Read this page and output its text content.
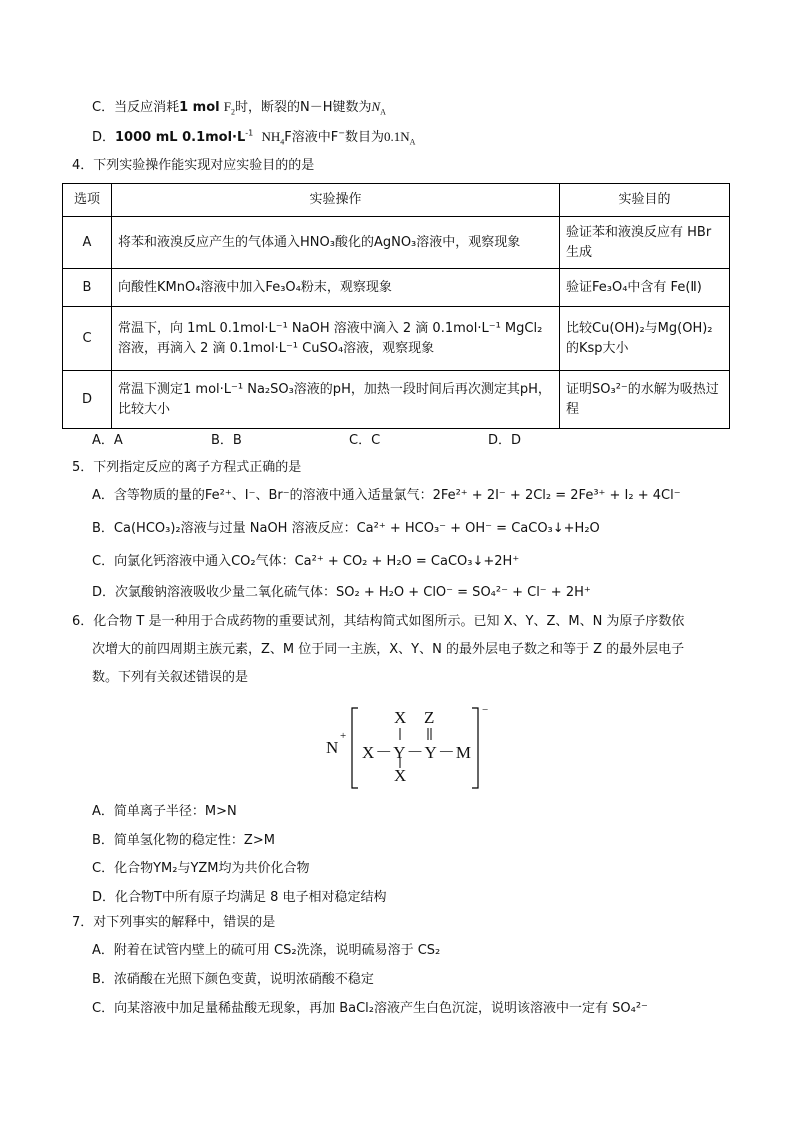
C．当反应消耗1 mol $F_2$时，断裂的N－H键数为$N_A$
D．1000 mL $0.1mol\cdot L^{-1}$ $NH_4F$溶液中F−数目为$0.1N_A$
4．下列实验操作能实现对应实验目的的是
选项	实验操作	实验目的
A	将苯和液溴反应产生的气体通入HNO₃酸化的AgNO₃溶液中，观察现象	验证苯和液溴反应有 HBr 生成
B	向酸性KMnO₄溶液中加入Fe₃O₄粉末，观察现象	验证Fe₃O₄中含有 Fe(Ⅱ)
C	常温下，向 1mL 0.1mol·L⁻¹ NaOH 溶液中滴入 2 滴 0.1mol·L⁻¹ MgCl₂溶液，再滴入 2 滴 0.1mol·L⁻¹ CuSO₄溶液，观察现象	比较Cu(OH)₂与Mg(OH)₂的Ksp大小
D	常温下测定1 mol·L⁻¹ Na₂SO₃溶液的pH，加热一段时间后再次测定其pH，比较大小	证明SO₃²⁻的水解为吸热过程
A．A	B．B	C．C	D．D
5．下列指定反应的离子方程式正确的是
A．含等物质的量的Fe²⁺、I⁻、Br⁻的溶液中通入适量氯气：2Fe²⁺ + 2I⁻ + 2Cl₂ = 2Fe³⁺ + I₂ + 4Cl⁻
B．Ca(HCO₃)₂溶液与过量 NaOH 溶液反应：Ca²⁺ + HCO₃⁻ + OH⁻ = CaCO₃↓+H₂O
C．向氯化钙溶液中通入CO₂气体：Ca²⁺ + CO₂ + H₂O = CaCO₃↓+2H⁺
D．次氯酸钠溶液吸收少量二氧化硫气体：SO₂ + H₂O + ClO⁻ = SO₄²⁻ + Cl⁻ + 2H⁺
6．化合物 T 是一种用于合成药物的重要试剂，其结构简式如图所示。已知 X、Y、Z、M、N 为原子序数依
次增大的前四周期主族元素，Z、M 位于同一主族，X、Y、N 的最外层电子数之和等于 Z 的最外层电子
数。下列有关叙述错误的是
N
+
X Z
X－Y－Y－M
X
−
A．简单离子半径：M>N
B．简单氢化物的稳定性：Z>M
C．化合物YM₂与YZM均为共价化合物
D．化合物T中所有原子均满足 8 电子相对稳定结构
7．对下列事实的解释中，错误的是
A．附着在试管内壁上的硫可用 CS₂洗涤，说明硫易溶于 CS₂
B．浓硝酸在光照下颜色变黄，说明浓硝酸不稳定
C．向某溶液中加足量稀盐酸无现象，再加 BaCl₂溶液产生白色沉淀，说明该溶液中一定有 SO₄²⁻
